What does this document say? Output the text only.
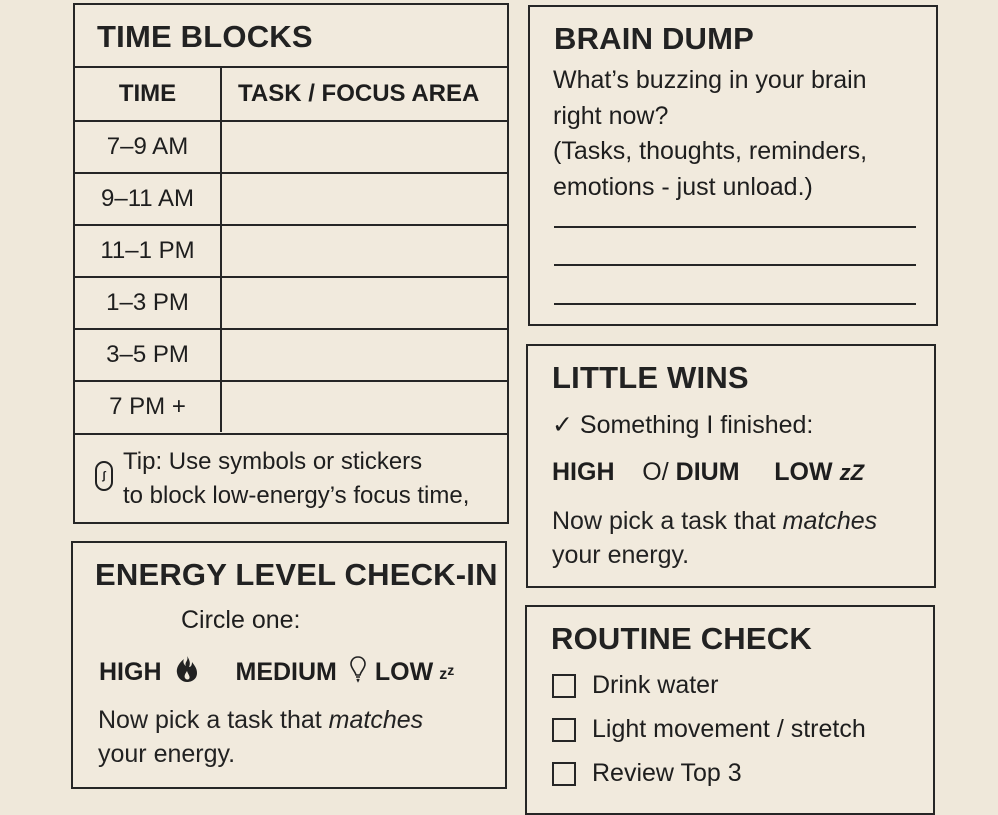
TIME BLOCKS
TIME	TASK / FOCUS AREA
7–9 AM
9–11 AM
11–1 PM
1–3 PM
3–5 PM
7 PM +
ʃ
Tip: Use symbols or stickers
to block low-energy’s focus time,
ENERGY LEVEL CHECK-IN
Circle one:
HIGH	MEDIUM LOW zz
Now pick a task that matches
your energy.
BRAIN DUMP
What’s buzzing in your brain
right now?
(Tasks, thoughts, reminders,
emotions - just unload.)
LITTLE WINS
✓ Something I finished:
HIGH O/ DIUM LOW zZ
Now pick a task that matches
your energy.
ROUTINE CHECK
Drink water
Light movement / stretch
Review Top 3
